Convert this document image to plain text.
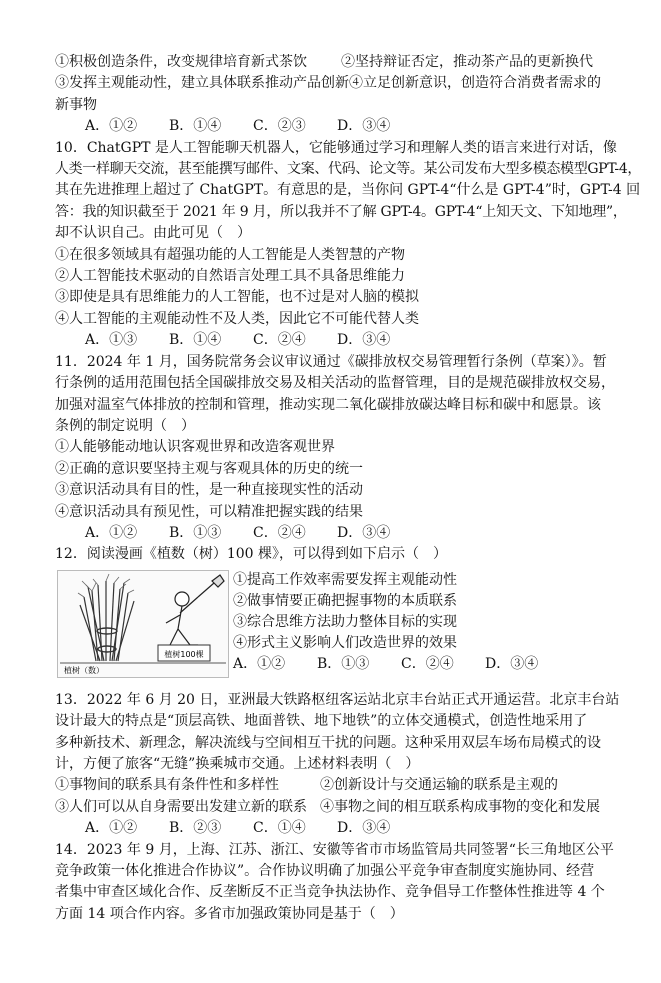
①积极创造条件，改变规律培育新式茶饮 ②坚持辩证否定，推动茶产品的更新换代
③发挥主观能动性，建立具体联系推动产品创新④立足创新意识，创造符合消费者需求的
新事物
A．①②	B．①④	C．②③	D．③④
10．ChatGPT 是人工智能聊天机器人，它能够通过学习和理解人类的语言来进行对话，像
人类一样聊天交流，甚至能撰写邮件、文案、代码、论文等。某公司发布大型多模态模型GPT-4，
其在先进推理上超过了 ChatGPT。有意思的是，当你问 GPT-4“什么是 GPT-4”时，GPT-4 回
答：我的知识截至于 2021 年 9 月，所以我并不了解 GPT-4。GPT-4“上知天文、下知地理”，
却不认识自己。由此可见（　）
①在很多领域具有超强功能的人工智能是人类智慧的产物
②人工智能技术驱动的自然语言处理工具不具备思维能力
③即使是具有思维能力的人工智能，也不过是对人脑的模拟
④人工智能的主观能动性不及人类，因此它不可能代替人类
A．①③	B．①④	C．②④	D．③④
11．2024 年 1 月，国务院常务会议审议通过《碳排放权交易管理暂行条例（草案）》。暂
行条例的适用范围包括全国碳排放交易及相关活动的监督管理，目的是规范碳排放权交易，
加强对温室气体排放的控制和管理，推动实现二氧化碳排放碳达峰目标和碳中和愿景。该
条例的制定说明（　）
①人能够能动地认识客观世界和改造客观世界
②正确的意识要坚持主观与客观具体的历史的统一
③意识活动具有目的性，是一种直接现实性的活动
④意识活动具有预见性，可以精准把握实践的结果
A．①②	B．①③	C．②④	D．③④
12．阅读漫画《植数（树）100 棵》，可以得到如下启示（　）
植树100棵
植树（数）
①提高工作效率需要发挥主观能动性
②做事情要正确把握事物的本质联系
③综合思维方法助力整体目标的实现
④形式主义影响人们改造世界的效果
A．①②	B．①③	C．②④	D．③④
13．2022 年 6 月 20 日，亚洲最大铁路枢纽客运站北京丰台站正式开通运营。北京丰台站
设计最大的特点是“顶层高铁、地面普铁、地下地铁”的立体交通模式，创造性地采用了
多种新技术、新理念，解决流线与空间相互干扰的问题。这种采用双层车场布局模式的设
计，方便了旅客“无缝”换乘城市交通。上述材料表明（　）
①事物间的联系具有条件性和多样性	②创新设计与交通运输的联系是主观的
③人们可以从自身需要出发建立新的联系 ④事物之间的相互联系构成事物的变化和发展
A．①②	B．②③	C．①④	D．③④
14．2023 年 9 月，上海、江苏、浙江、安徽等省市市场监管局共同签署“长三角地区公平
竞争政策一体化推进合作协议”。合作协议明确了加强公平竞争审查制度实施协同、经营
者集中审查区域化合作、反垄断反不正当竞争执法协作、竞争倡导工作整体性推进等 4 个
方面 14 项合作内容。多省市加强政策协同是基于（　）
